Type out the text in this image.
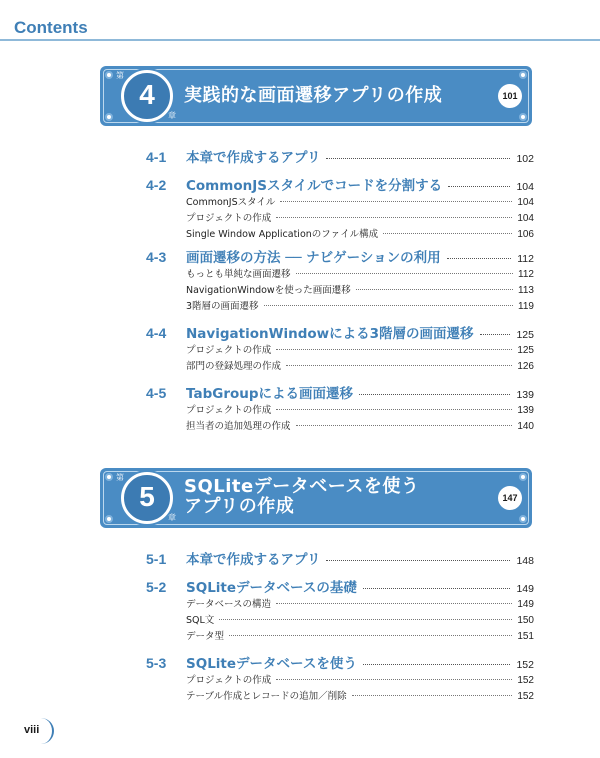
Contents
4
第
章
実践的な画面遷移アプリの作成	101
4-1	本章で作成するアプリ	102
4-2	CommonJSスタイルでコードを分割する	104
CommonJSスタイル	104
プロジェクトの作成	104
Single Window Applicationのファイル構成	106
4-3	画面遷移の方法 ── ナビゲーションの利用	112
もっとも単純な画面遷移	112
NavigationWindowを使った画面遷移	113
3階層の画面遷移	119
4-4	NavigationWindowによる3階層の画面遷移	125
プロジェクトの作成	125
部門の登録処理の作成	126
4-5	TabGroupによる画面遷移	139
プロジェクトの作成	139
担当者の追加処理の作成	140
5
第
章
SQLiteデータベースを使う
アプリの作成	147
5-1	本章で作成するアプリ	148
5-2	SQLiteデータベースの基礎	149
データベースの構造	149
SQL文	150
データ型	151
5-3	SQLiteデータベースを使う	152
プロジェクトの作成	152
テーブル作成とレコードの追加／削除	152
viii
